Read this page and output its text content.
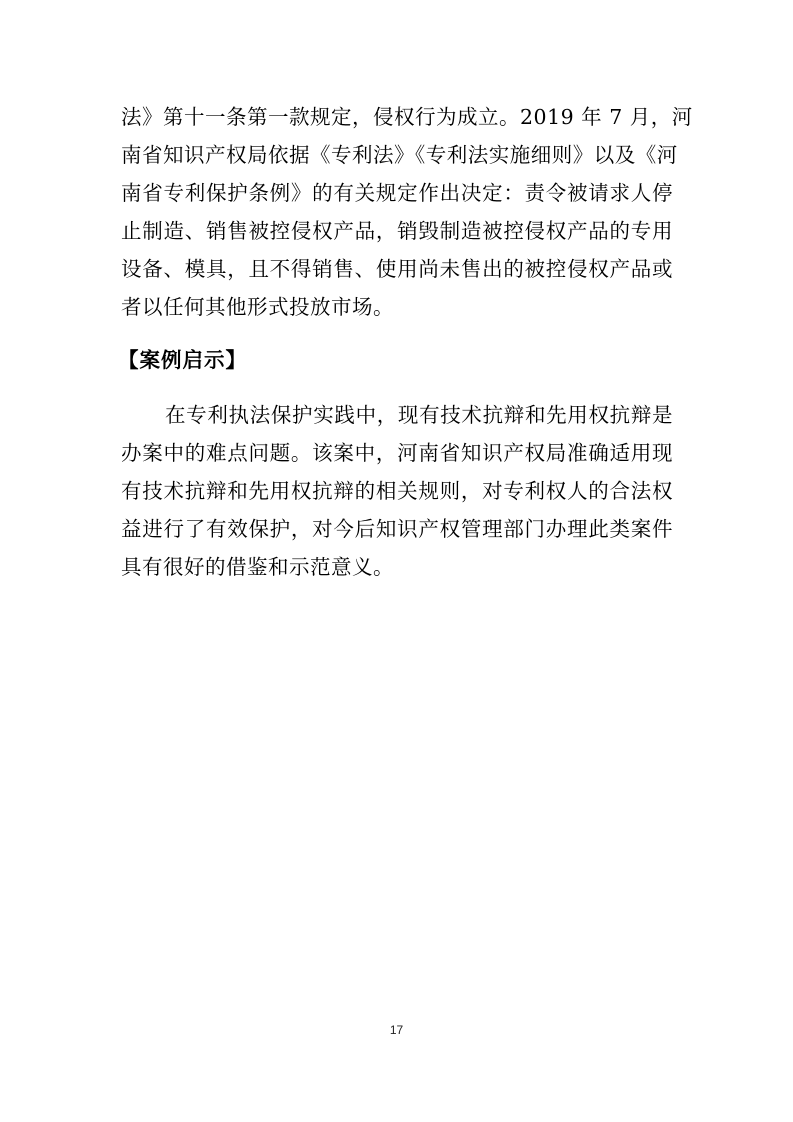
法》第十一条第一款规定，侵权行为成立。2019 年 7 月，河
南省知识产权局依据《专利法》《专利法实施细则》以及《河
南省专利保护条例》的有关规定作出决定：责令被请求人停
止制造、销售被控侵权产品，销毁制造被控侵权产品的专用
设备、模具，且不得销售、使用尚未售出的被控侵权产品或
者以任何其他形式投放市场。
【案例启示】
在专利执法保护实践中，现有技术抗辩和先用权抗辩是
办案中的难点问题。该案中，河南省知识产权局准确适用现
有技术抗辩和先用权抗辩的相关规则，对专利权人的合法权
益进行了有效保护，对今后知识产权管理部门办理此类案件
具有很好的借鉴和示范意义。
17
